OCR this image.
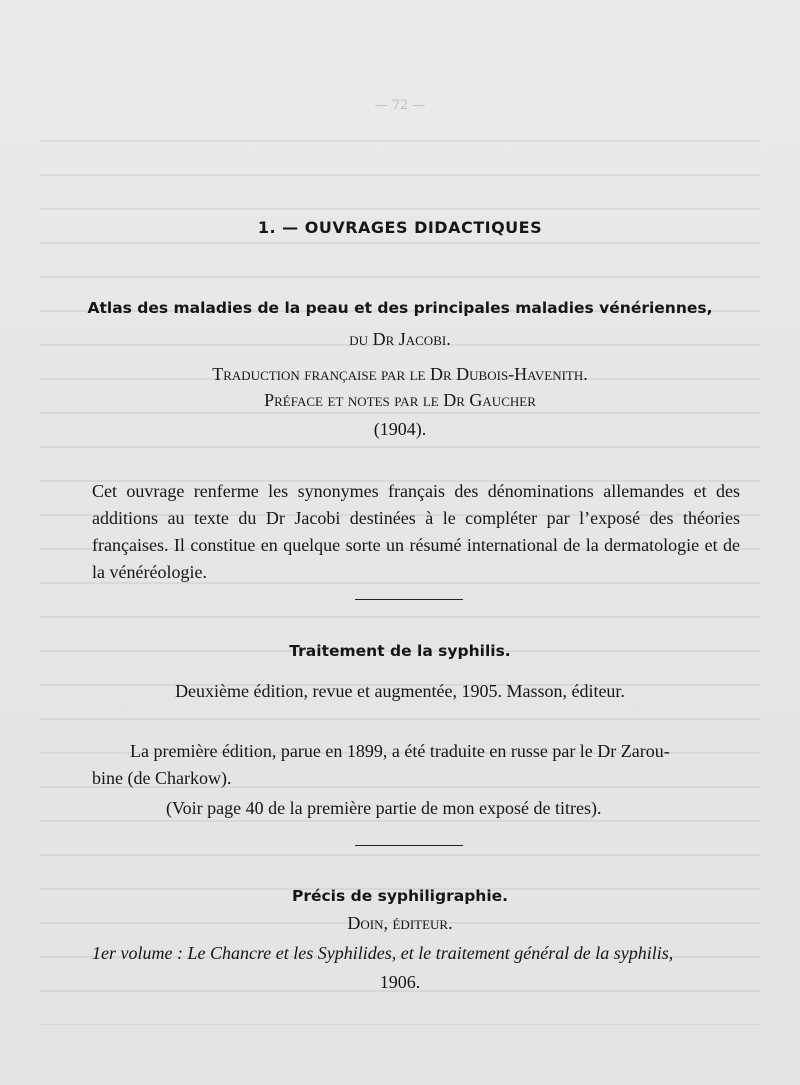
— 72 —
1. — OUVRAGES DIDACTIQUES
Atlas des maladies de la peau et des principales maladies vénériennes,
du Dr Jacobi.
Traduction française par le Dr Dubois-Havenith.
Préface et notes par le Dr Gaucher
(1904).
Cet ouvrage renferme les synonymes français des dénominations allemandes et des additions au texte du Dr Jacobi destinées à le compléter par l’exposé des théories françaises. Il constitue en quelque sorte un résumé international de la dermatologie et de la vénéréologie.
Traitement de la syphilis.
Deuxième édition, revue et augmentée, 1905. Masson, éditeur.
La première édition, parue en 1899, a été traduite en russe par le Dr Zarou-
bine (de Charkow).
(Voir page 40 de la première partie de mon exposé de titres).
Précis de syphiligraphie.
Doin, éditeur.
1er volume : Le Chancre et les Syphilides, et le traitement général de la syphilis,
1906.
